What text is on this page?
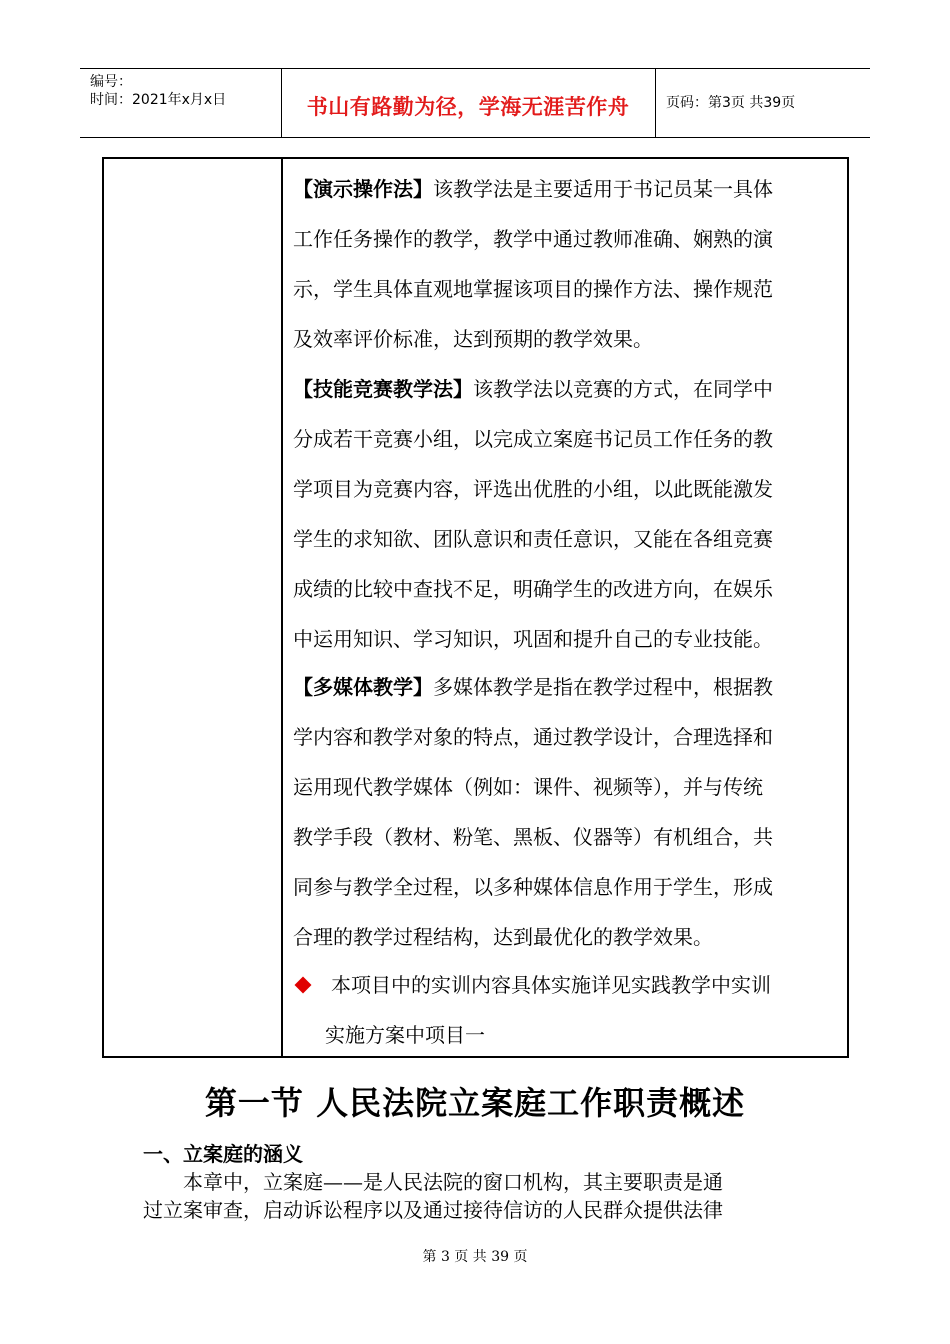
编号：
时间：2021年x月x日	书山有路勤为径，学海无涯苦作舟	页码：第3页 共39页
【演示操作法】该教学法是主要适用于书记员某一具体
工作任务操作的教学，教学中通过教师准确、娴熟的演
示，学生具体直观地掌握该项目的操作方法、操作规范
及效率评价标准，达到预期的教学效果。
【技能竞赛教学法】该教学法以竞赛的方式，在同学中
分成若干竞赛小组，以完成立案庭书记员工作任务的教
学项目为竞赛内容，评选出优胜的小组，以此既能激发
学生的求知欲、团队意识和责任意识，又能在各组竞赛
成绩的比较中查找不足，明确学生的改进方向，在娱乐
中运用知识、学习知识，巩固和提升自己的专业技能。
【多媒体教学】多媒体教学是指在教学过程中，根据教
学内容和教学对象的特点，通过教学设计，合理选择和
运用现代教学媒体（例如：课件、视频等），并与传统
教学手段（教材、粉笔、黑板、仪器等）有机组合，共
同参与教学全过程，以多种媒体信息作用于学生，形成
合理的教学过程结构，达到最优化的教学效果。
本项目中的实训内容具体实施详见实践教学中实训
实施方案中项目一
第一节 人民法院立案庭工作职责概述
一、立案庭的涵义
本章中，立案庭——是人民法院的窗口机构，其主要职责是通
过立案审查，启动诉讼程序以及通过接待信访的人民群众提供法律
第 3 页 共 39 页
